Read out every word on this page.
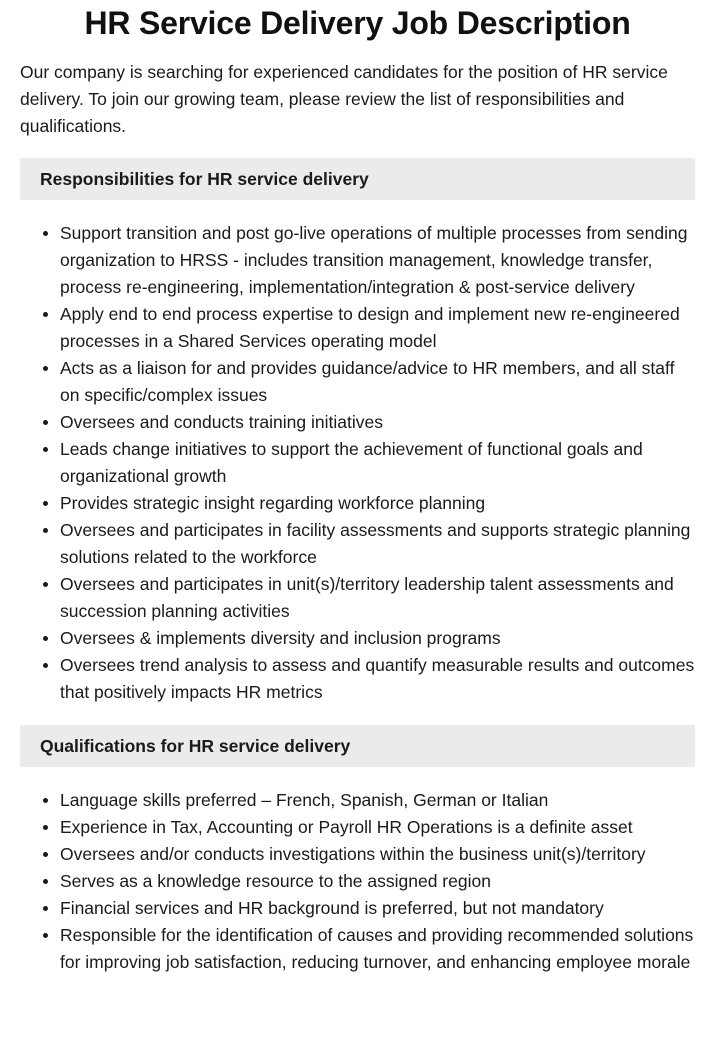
HR Service Delivery Job Description

Our company is searching for experienced candidates for the position of HR service delivery. To join our growing team, please review the list of responsibilities and qualifications.

Responsibilities for HR service delivery
Support transition and post go-live operations of multiple processes from sending organization to HRSS - includes transition management, knowledge transfer, process re-engineering, implementation/integration & post-service delivery
Apply end to end process expertise to design and implement new re-engineered processes in a Shared Services operating model
Acts as a liaison for and provides guidance/advice to HR members, and all staff on specific/complex issues
Oversees and conducts training initiatives
Leads change initiatives to support the achievement of functional goals and organizational growth
Provides strategic insight regarding workforce planning
Oversees and participates in facility assessments and supports strategic planning solutions related to the workforce
Oversees and participates in unit(s)/territory leadership talent assessments and succession planning activities
Oversees & implements diversity and inclusion programs
Oversees trend analysis to assess and quantify measurable results and outcomes that positively impacts HR metrics
Qualifications for HR service delivery
Language skills preferred – French, Spanish, German or Italian
Experience in Tax, Accounting or Payroll HR Operations is a definite asset
Oversees and/or conducts investigations within the business unit(s)/territory
Serves as a knowledge resource to the assigned region
Financial services and HR background is preferred, but not mandatory
Responsible for the identification of causes and providing recommended solutions for improving job satisfaction, reducing turnover, and enhancing employee morale
